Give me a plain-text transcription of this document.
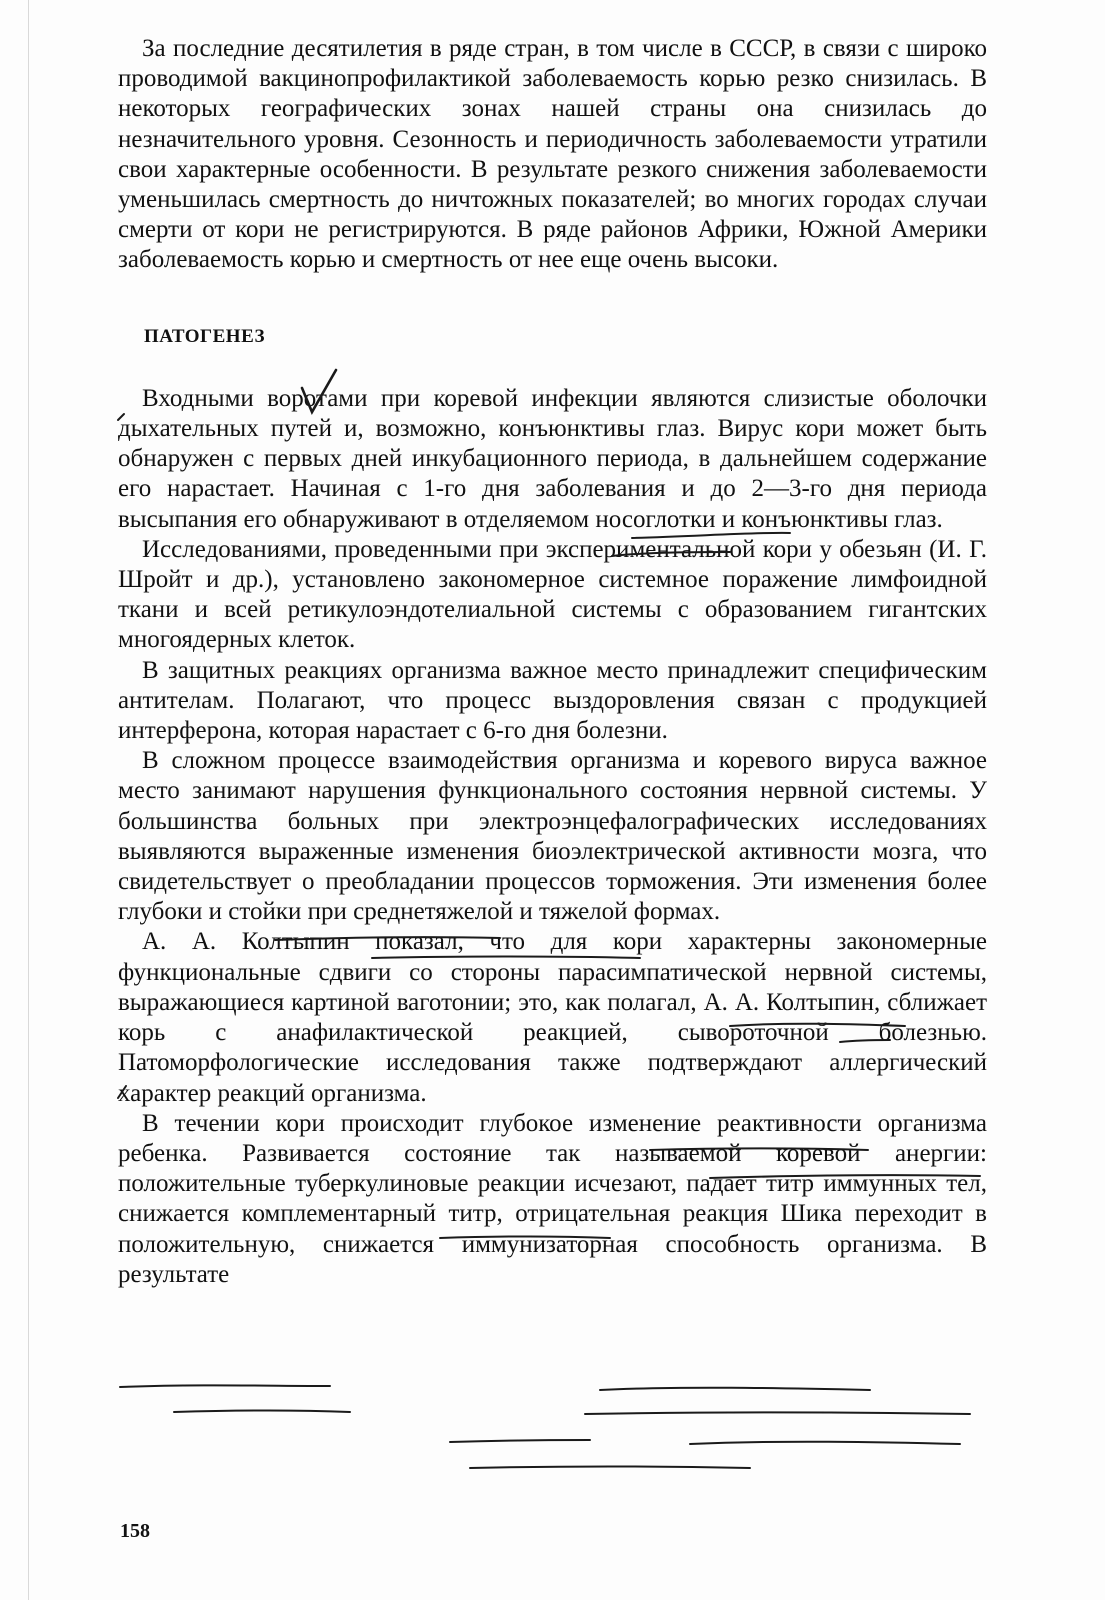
За последние десятилетия в ряде стран, в том числе в СССР, в связи с широко проводимой вакцинопрофилактикой заболеваемость корью резко снизилась. В некоторых географических зонах нашей страны она снизилась до незначительного уровня. Сезонность и периодичность заболеваемости утратили свои характерные особенности. В результате резкого снижения заболеваемости уменьшилась смертность до ничтожных показателей; во многих городах случаи смерти от кори не регистрируются. В ряде районов Африки, Южной Америки заболеваемость корью и смертность от нее еще очень высоки.

ПАТОГЕНЕЗ

Входными воротами при коревой инфекции являются слизистые оболочки дыхательных путей и, возможно, конъюнктивы глаз. Вирус кори может быть обнаружен с первых дней инкубационного периода, в дальнейшем содержание его нарастает. Начиная с 1-го дня заболевания и до 2—3-го дня периода высыпания его обнаруживают в отделяемом носоглотки и конъюнктивы глаз.

Исследованиями, проведенными при экспериментальной кори у обезьян (И. Г. Шройт и др.), установлено закономерное системное поражение лимфоидной ткани и всей ретикулоэндотелиальной системы с образованием гигантских многоядерных клеток.

В защитных реакциях организма важное место принадлежит специфическим антителам. Полагают, что процесс выздоровления связан с продукцией интерферона, которая нарастает с 6-го дня болезни.

В сложном процессе взаимодействия организма и коревого вируса важное место занимают нарушения функционального состояния нервной системы. У большинства больных при электроэнцефалографических исследованиях выявляются выраженные изменения биоэлектрической активности мозга, что свидетельствует о преобладании процессов торможения. Эти изменения более глубоки и стойки при среднетяжелой и тяжелой формах.

А. А. Колтыпин показал, что для кори характерны закономерные функциональные сдвиги со стороны парасимпатической нервной системы, выражающиеся картиной ваготонии; это, как полагал, А. А. Колтыпин, сближает корь с анафилактической реакцией, сывороточной болезнью. Патоморфологические исследования также подтверждают аллергический характер реакций организма.

В течении кори происходит глубокое изменение реактивности организма ребенка. Развивается состояние так называемой коревой анергии: положительные туберкулиновые реакции исчезают, падает титр иммунных тел, снижается комплементарный титр, отрицательная реакция Шика переходит в положительную, снижается иммунизаторная способность организма. В результате

158
